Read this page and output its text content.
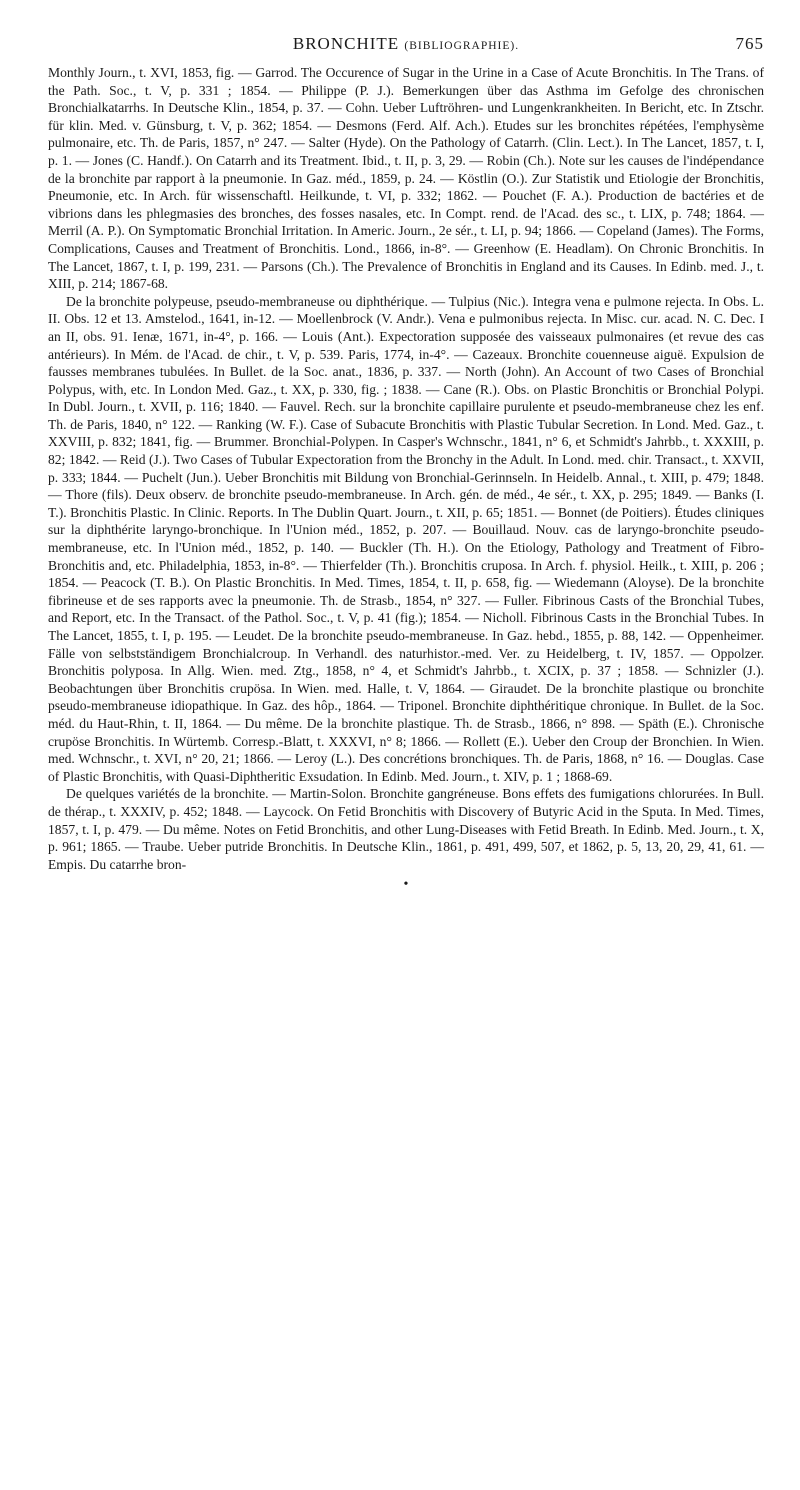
BRONCHITE (BIBLIOGRAPHIE).	765

Monthly Journ., t. XVI, 1853, fig. — Garrod. The Occurence of Sugar in the Urine in a Case of Acute Bronchitis. In The Trans. of the Path. Soc., t. V, p. 331 ; 1854. — Philippe (P. J.). Bemerkungen über das Asthma im Gefolge des chronischen Bronchialkatarrhs. In Deutsche Klin., 1854, p. 37. — Cohn. Ueber Luftröhren- und Lungenkrankheiten. In Bericht, etc. In Ztschr. für klin. Med. v. Günsburg, t. V, p. 362; 1854. — Desmons (Ferd. Alf. Ach.). Etudes sur les bronchites répétées, l'emphysème pulmonaire, etc. Th. de Paris, 1857, n° 247. — Salter (Hyde). On the Pathology of Catarrh. (Clin. Lect.). In The Lancet, 1857, t. I, p. 1. — Jones (C. Handf.). On Catarrh and its Treatment. Ibid., t. II, p. 3, 29. — Robin (Ch.). Note sur les causes de l'indépendance de la bronchite par rapport à la pneumonie. In Gaz. méd., 1859, p. 24. — Köstlin (O.). Zur Statistik und Etiologie der Bronchitis, Pneumonie, etc. In Arch. für wissenschaftl. Heilkunde, t. VI, p. 332; 1862. — Pouchet (F. A.). Production de bactéries et de vibrions dans les phlegmasies des bronches, des fosses nasales, etc. In Compt. rend. de l'Acad. des sc., t. LIX, p. 748; 1864. — Merril (A. P.). On Symptomatic Bronchial Irritation. In Americ. Journ., 2e sér., t. LI, p. 94; 1866. — Copeland (James). The Forms, Complications, Causes and Treatment of Bronchitis. Lond., 1866, in-8°. — Greenhow (E. Headlam). On Chronic Bronchitis. In The Lancet, 1867, t. I, p. 199, 231. — Parsons (Ch.). The Prevalence of Bronchitis in England and its Causes. In Edinb. med. J., t. XIII, p. 214; 1867-68.

De la bronchite polypeuse, pseudo-membraneuse ou diphthérique. — Tulpius (Nic.). Integra vena e pulmone rejecta. In Obs. L. II. Obs. 12 et 13. Amstelod., 1641, in-12. — Moellenbrock (V. Andr.). Vena e pulmonibus rejecta. In Misc. cur. acad. N. C. Dec. I an II, obs. 91. Ienæ, 1671, in-4°, p. 166. — Louis (Ant.). Expectoration supposée des vaisseaux pulmonaires (et revue des cas antérieurs). In Mém. de l'Acad. de chir., t. V, p. 539. Paris, 1774, in-4°. — Cazeaux. Bronchite couenneuse aiguë. Expulsion de fausses membranes tubulées. In Bullet. de la Soc. anat., 1836, p. 337. — North (John). An Account of two Cases of Bronchial Polypus, with, etc. In London Med. Gaz., t. XX, p. 330, fig. ; 1838. — Cane (R.). Obs. on Plastic Bronchitis or Bronchial Polypi. In Dubl. Journ., t. XVII, p. 116; 1840. — Fauvel. Rech. sur la bronchite capillaire purulente et pseudo-membraneuse chez les enf. Th. de Paris, 1840, n° 122. — Ranking (W. F.). Case of Subacute Bronchitis with Plastic Tubular Secretion. In Lond. Med. Gaz., t. XXVIII, p. 832; 1841, fig. — Brummer. Bronchial-Polypen. In Casper's Wchnschr., 1841, n° 6, et Schmidt's Jahrbb., t. XXXIII, p. 82; 1842. — Reid (J.). Two Cases of Tubular Expectoration from the Bronchy in the Adult. In Lond. med. chir. Transact., t. XXVII, p. 333; 1844. — Puchelt (Jun.). Ueber Bronchitis mit Bildung von Bronchial-Gerinnseln. In Heidelb. Annal., t. XIII, p. 479; 1848. — Thore (fils). Deux observ. de bronchite pseudo-membraneuse. In Arch. gén. de méd., 4e sér., t. XX, p. 295; 1849. — Banks (I. T.). Bronchitis Plastic. In Clinic. Reports. In The Dublin Quart. Journ., t. XII, p. 65; 1851. — Bonnet (de Poitiers). Études cliniques sur la diphthérite laryngo-bronchique. In l'Union méd., 1852, p. 207. — Bouillaud. Nouv. cas de laryngo-bronchite pseudo-membraneuse, etc. In l'Union méd., 1852, p. 140. — Buckler (Th. H.). On the Etiology, Pathology and Treatment of Fibro-Bronchitis and, etc. Philadelphia, 1853, in-8°. — Thierfelder (Th.). Bronchitis cruposa. In Arch. f. physiol. Heilk., t. XIII, p. 206 ; 1854. — Peacock (T. B.). On Plastic Bronchitis. In Med. Times, 1854, t. II, p. 658, fig. — Wiedemann (Aloyse). De la bronchite fibrineuse et de ses rapports avec la pneumonie. Th. de Strasb., 1854, n° 327. — Fuller. Fibrinous Casts of the Bronchial Tubes, and Report, etc. In the Transact. of the Pathol. Soc., t. V, p. 41 (fig.); 1854. — Nicholl. Fibrinous Casts in the Bronchial Tubes. In The Lancet, 1855, t. I, p. 195. — Leudet. De la bronchite pseudo-membraneuse. In Gaz. hebd., 1855, p. 88, 142. — Oppenheimer. Fälle von selbstständigem Bronchialcroup. In Verhandl. des naturhistor.-med. Ver. zu Heidelberg, t. IV, 1857. — Oppolzer. Bronchitis polyposa. In Allg. Wien. med. Ztg., 1858, n° 4, et Schmidt's Jahrbb., t. XCIX, p. 37 ; 1858. — Schnizler (J.). Beobachtungen über Bronchitis crupösa. In Wien. med. Halle, t. V, 1864. — Giraudet. De la bronchite plastique ou bronchite pseudo-membraneuse idiopathique. In Gaz. des hôp., 1864. — Triponel. Bronchite diphthéritique chronique. In Bullet. de la Soc. méd. du Haut-Rhin, t. II, 1864. — Du même. De la bronchite plastique. Th. de Strasb., 1866, n° 898. — Späth (E.). Chronische crupöse Bronchitis. In Würtemb. Corresp.-Blatt, t. XXXVI, n° 8; 1866. — Rollett (E.). Ueber den Croup der Bronchien. In Wien. med. Wchnschr., t. XVI, n° 20, 21; 1866. — Leroy (L.). Des concrétions bronchiques. Th. de Paris, 1868, n° 16. — Douglas. Case of Plastic Bronchitis, with Quasi-Diphtheritic Exsudation. In Edinb. Med. Journ., t. XIV, p. 1 ; 1868-69.

De quelques variétés de la bronchite. — Martin-Solon. Bronchite gangréneuse. Bons effets des fumigations chlorurées. In Bull. de thérap., t. XXXIV, p. 452; 1848. — Laycock. On Fetid Bronchitis with Discovery of Butyric Acid in the Sputa. In Med. Times, 1857, t. I, p. 479. — Du même. Notes on Fetid Bronchitis, and other Lung-Diseases with Fetid Breath. In Edinb. Med. Journ., t. X, p. 961; 1865. — Traube. Ueber putride Bronchitis. In Deutsche Klin., 1861, p. 491, 499, 507, et 1862, p. 5, 13, 20, 29, 41, 61. — Empis. Du catarrhe bron-

•
